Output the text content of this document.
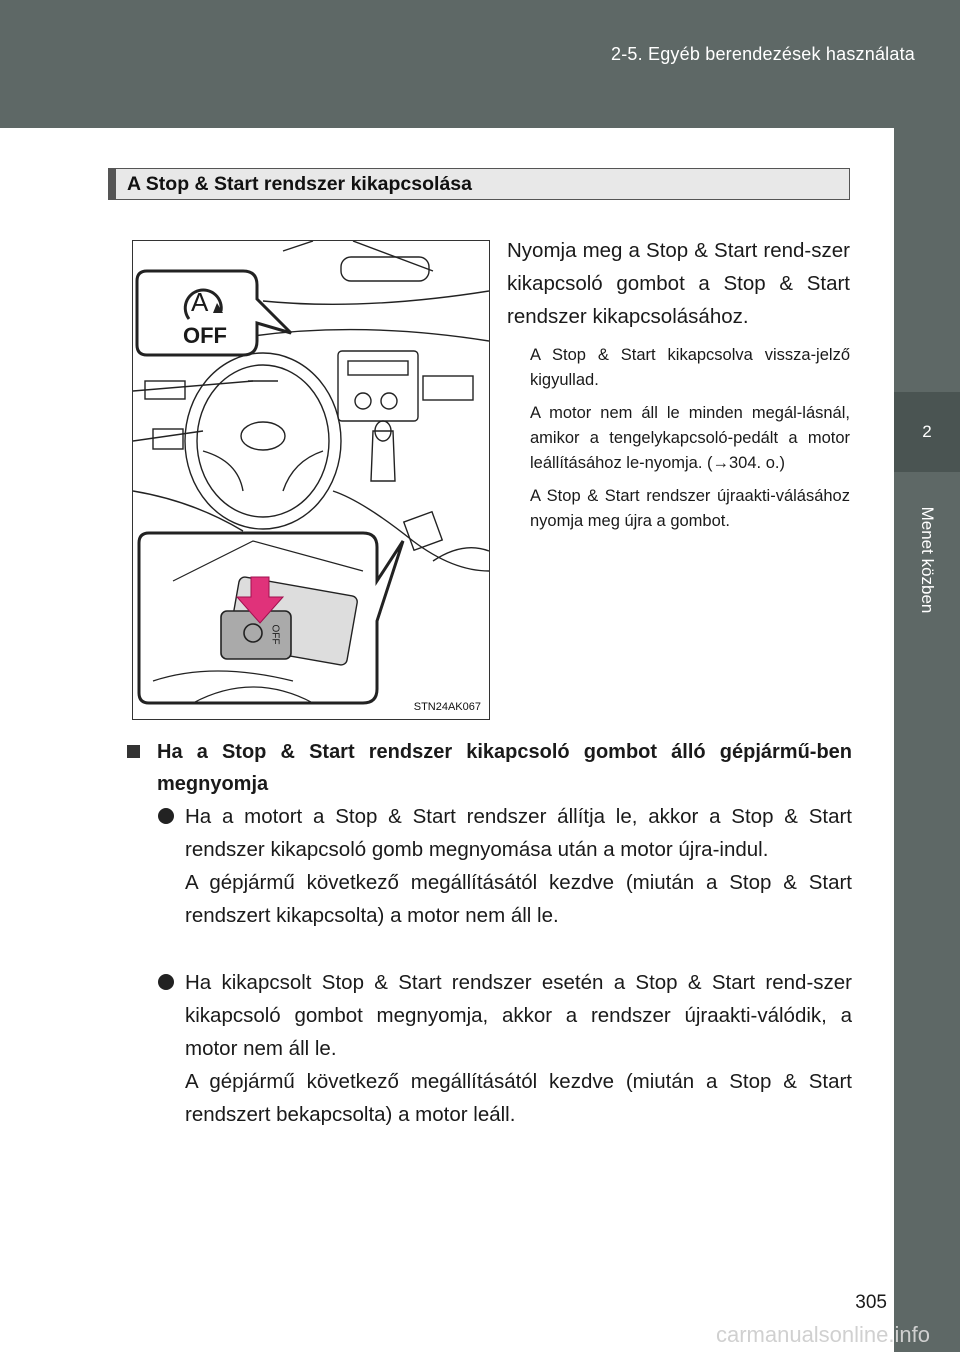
2-5. Egyéb berendezések használata
2
Menet közben
A Stop & Start rendszer kikapcsolása
A
OFF
OFF
STN24AK067

Nyomja meg a Stop & Start rend-szer kikapcsoló gombot a Stop & Start rendszer kikapcsolásához.

A Stop & Start kikapcsolva vissza-jelző kigyullad.

A motor nem áll le minden megál-lásnál, amikor a tengelykapcsoló-pedált a motor leállításához le-nyomja. (→304. o.)

A Stop & Start rendszer újraakti-válásához nyomja meg újra a gombot.

Ha a Stop & Start rendszer kikapcsoló gombot álló gépjármű-ben megnyomja

Ha a motort a Stop & Start rendszer állítja le, akkor a Stop & Start rendszer kikapcsoló gomb megnyomása után a motor újra-indul.

A gépjármű következő megállításától kezdve (miután a Stop & Start rendszert kikapcsolta) a motor nem áll le.

Ha kikapcsolt Stop & Start rendszer esetén a Stop & Start rend-szer kikapcsoló gombot megnyomja, akkor a rendszer újraakti-válódik, a motor nem áll le.

A gépjármű következő megállításától kezdve (miután a Stop & Start rendszert bekapcsolta) a motor leáll.

305
carmanualsonline.info
